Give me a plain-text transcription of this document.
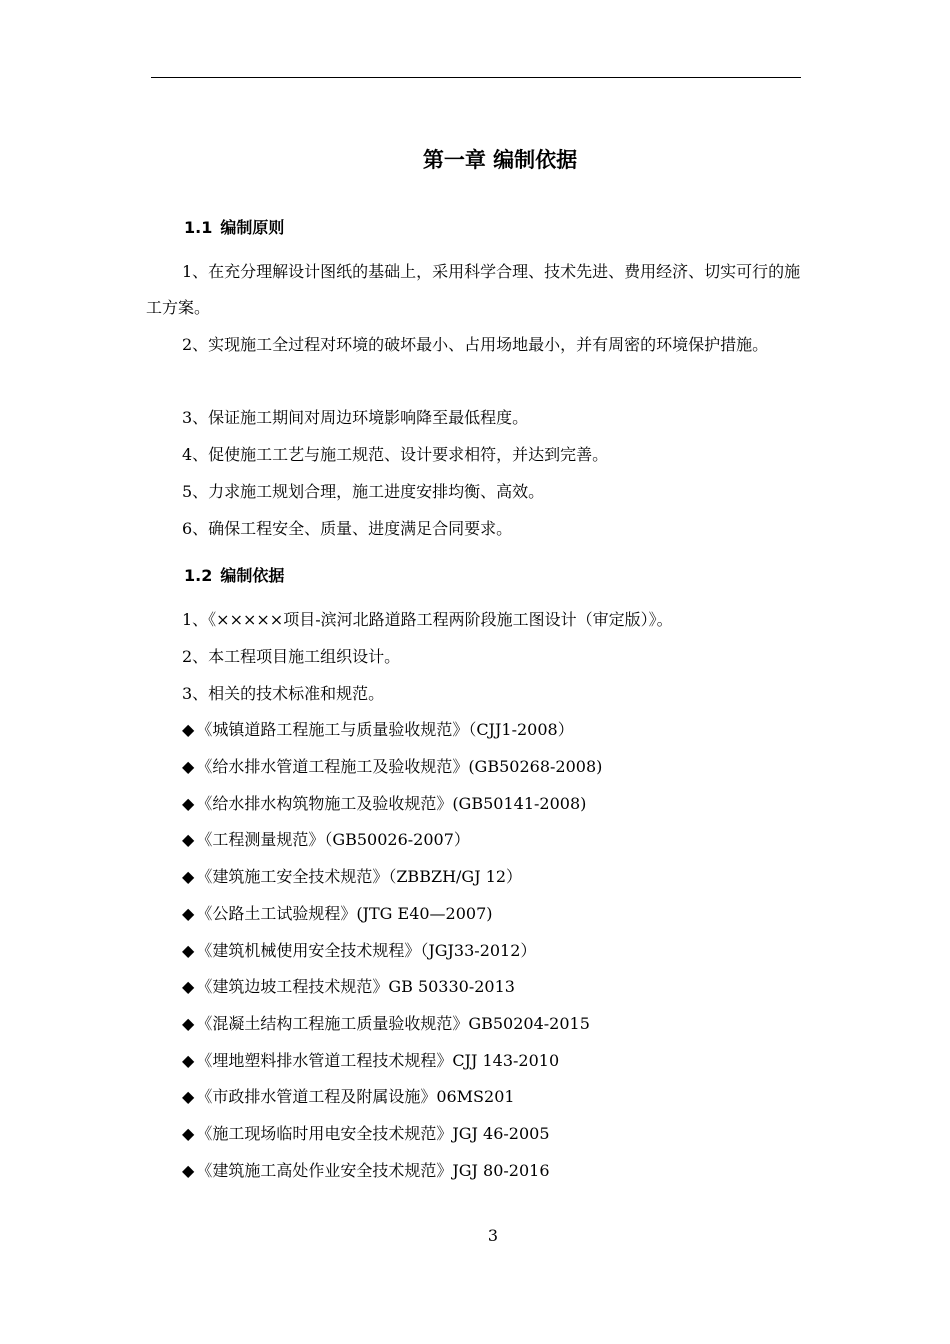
第一章 编制依据
1.1 编制原则

1、在充分理解设计图纸的基础上，采用科学合理、技术先进、费用经济、切实可行的施工方案。

2、实现施工全过程对环境的破坏最小、占用场地最小，并有周密的环境保护措施。

3、保证施工期间对周边环境影响降至最低程度。

4、促使施工工艺与施工规范、设计要求相符，并达到完善。

5、力求施工规划合理，施工进度安排均衡、高效。

6、确保工程安全、质量、进度满足合同要求。

1.2 编制依据

1、《×××××项目-滨河北路道路工程两阶段施工图设计（审定版）》。

2、本工程项目施工组织设计。

3、相关的技术标准和规范。

◆ 《城镇道路工程施工与质量验收规范》（CJJ1-2008）

◆ 《给水排水管道工程施工及验收规范》(GB50268-2008)

◆ 《给水排水构筑物施工及验收规范》(GB50141-2008)

◆ 《工程测量规范》（GB50026-2007）

◆ 《建筑施工安全技术规范》（ZBBZH/GJ 12）

◆ 《公路土工试验规程》(JTG E40—2007)

◆ 《建筑机械使用安全技术规程》（JGJ33-2012）

◆ 《建筑边坡工程技术规范》GB 50330-2013

◆ 《混凝土结构工程施工质量验收规范》GB50204-2015

◆ 《埋地塑料排水管道工程技术规程》CJJ 143-2010

◆ 《市政排水管道工程及附属设施》06MS201

◆ 《施工现场临时用电安全技术规范》JGJ 46-2005

◆ 《建筑施工高处作业安全技术规范》JGJ 80-2016

3
